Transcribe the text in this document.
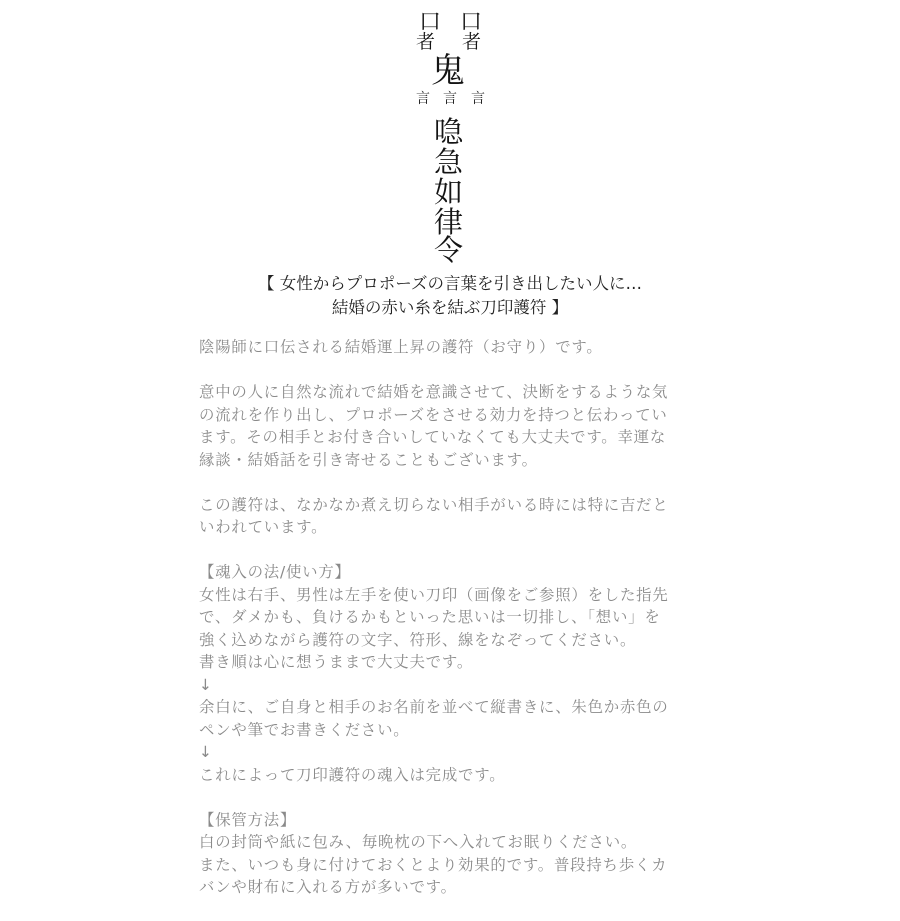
口
者
口
者
鬼
言 言 言
喼
急
如
律
令
【 女性からプロポーズの言葉を引き出したい人に…
結婚の赤い糸を結ぶ刀印護符 】

陰陽師に口伝される結婚運上昇の護符（お守り）です。

意中の人に自然な流れで結婚を意識させて、決断をするような気
の流れを作り出し、プロポーズをさせる効力を持つと伝わってい
ます。その相手とお付き合いしていなくても大丈夫です。幸運な
縁談・結婚話を引き寄せることもございます。

この護符は、なかなか煮え切らない相手がいる時には特に吉だと
いわれています。

【魂入の法/使い方】
女性は右手、男性は左手を使い刀印（画像をご参照）をした指先
で、ダメかも、負けるかもといった思いは一切排し、「想い」を
強く込めながら護符の文字、符形、線をなぞってください。
書き順は心に想うままで大丈夫です。
↓
余白に、ご自身と相手のお名前を並べて縦書きに、朱色か赤色の
ペンや筆でお書きください。
↓
これによって刀印護符の魂入は完成です。

【保管方法】
白の封筒や紙に包み、毎晩枕の下へ入れてお眠りください。
また、いつも身に付けておくとより効果的です。普段持ち歩くカ
バンや財布に入れる方が多いです。
